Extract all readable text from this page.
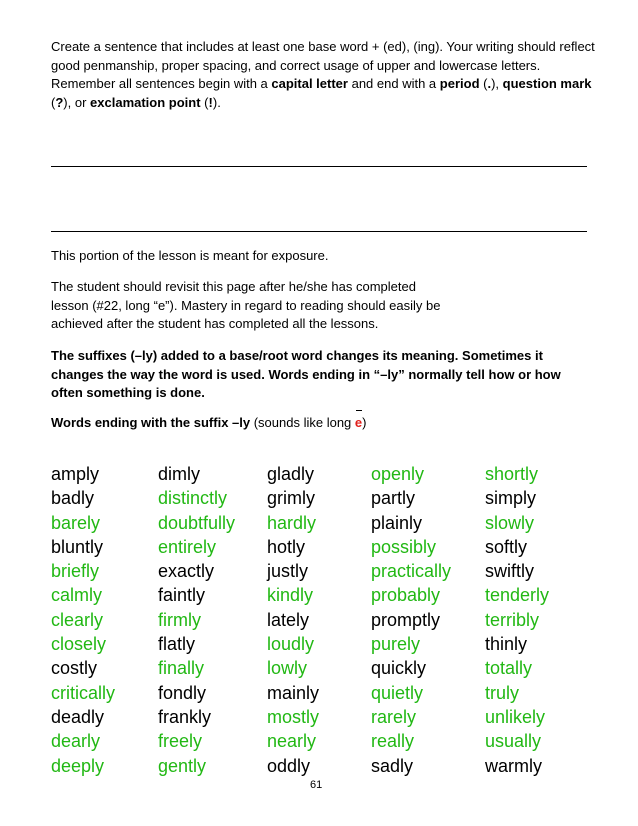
Create a sentence that includes at least one base word + (ed), (ing). Your writing should reflect good penmanship, proper spacing, and correct usage of upper and lowercase letters. Remember all sentences begin with a capital letter and end with a period (.), question mark (?), or exclamation point (!).
This portion of the lesson is meant for exposure.
The student should revisit this page after he/she has completed lesson (#22, long “e”). Mastery in regard to reading should easily be achieved after the student has completed all the lessons.
The suffixes (–ly) added to a base/root word changes its meaning. Sometimes it changes the way the word is used. Words ending in “–ly” normally tell how or how often something is done.
Words ending with the suffix –ly (sounds like long
e)
amply
badly
barely
bluntly
briefly
calmly
clearly
closely
costly
critically
deadly
dearly
deeply
dimly
distinctly
doubtfully
entirely
exactly
faintly
firmly
flatly
finally
fondly
frankly
freely
gently
gladly
grimly
hardly
hotly
justly
kindly
lately
loudly
lowly
mainly
mostly
nearly
oddly
openly
partly
plainly
possibly
practically
probably
promptly
purely
quickly
quietly
rarely
really
sadly
shortly
simply
slowly
softly
swiftly
tenderly
terribly
thinly
totally
truly
unlikely
usually
warmly
61
